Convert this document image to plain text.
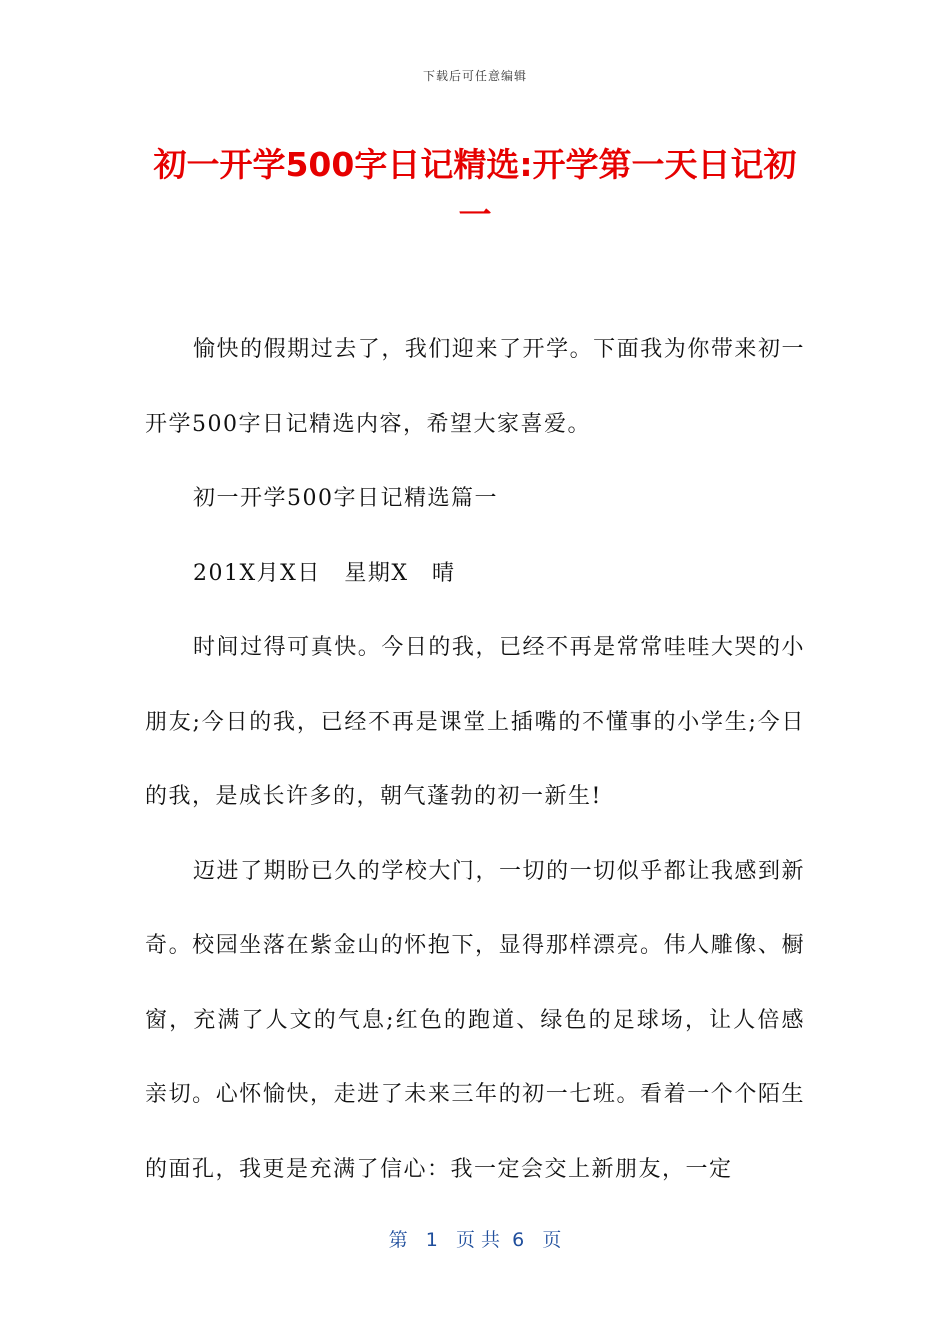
下载后可任意编辑
初一开学500字日记精选:开学第一天日记初一

愉快的假期过去了，我们迎来了开学。下面我为你带来初一开学500字日记精选内容，希望大家喜爱。

初一开学500字日记精选篇一

201X月X日　星期X　晴

时间过得可真快。今日的我，已经不再是常常哇哇大哭的小朋友;今日的我，已经不再是课堂上插嘴的不懂事的小学生;今日的我，是成长许多的，朝气蓬勃的初一新生!

迈进了期盼已久的学校大门，一切的一切似乎都让我感到新奇。校园坐落在紫金山的怀抱下，显得那样漂亮。伟人雕像、橱窗，充满了人文的气息;红色的跑道、绿色的足球场，让人倍感亲切。心怀愉快，走进了未来三年的初一七班。看着一个个陌生的面孔，我更是充满了信心：我一定会交上新朋友，一定

第 1 页 共 6 页
